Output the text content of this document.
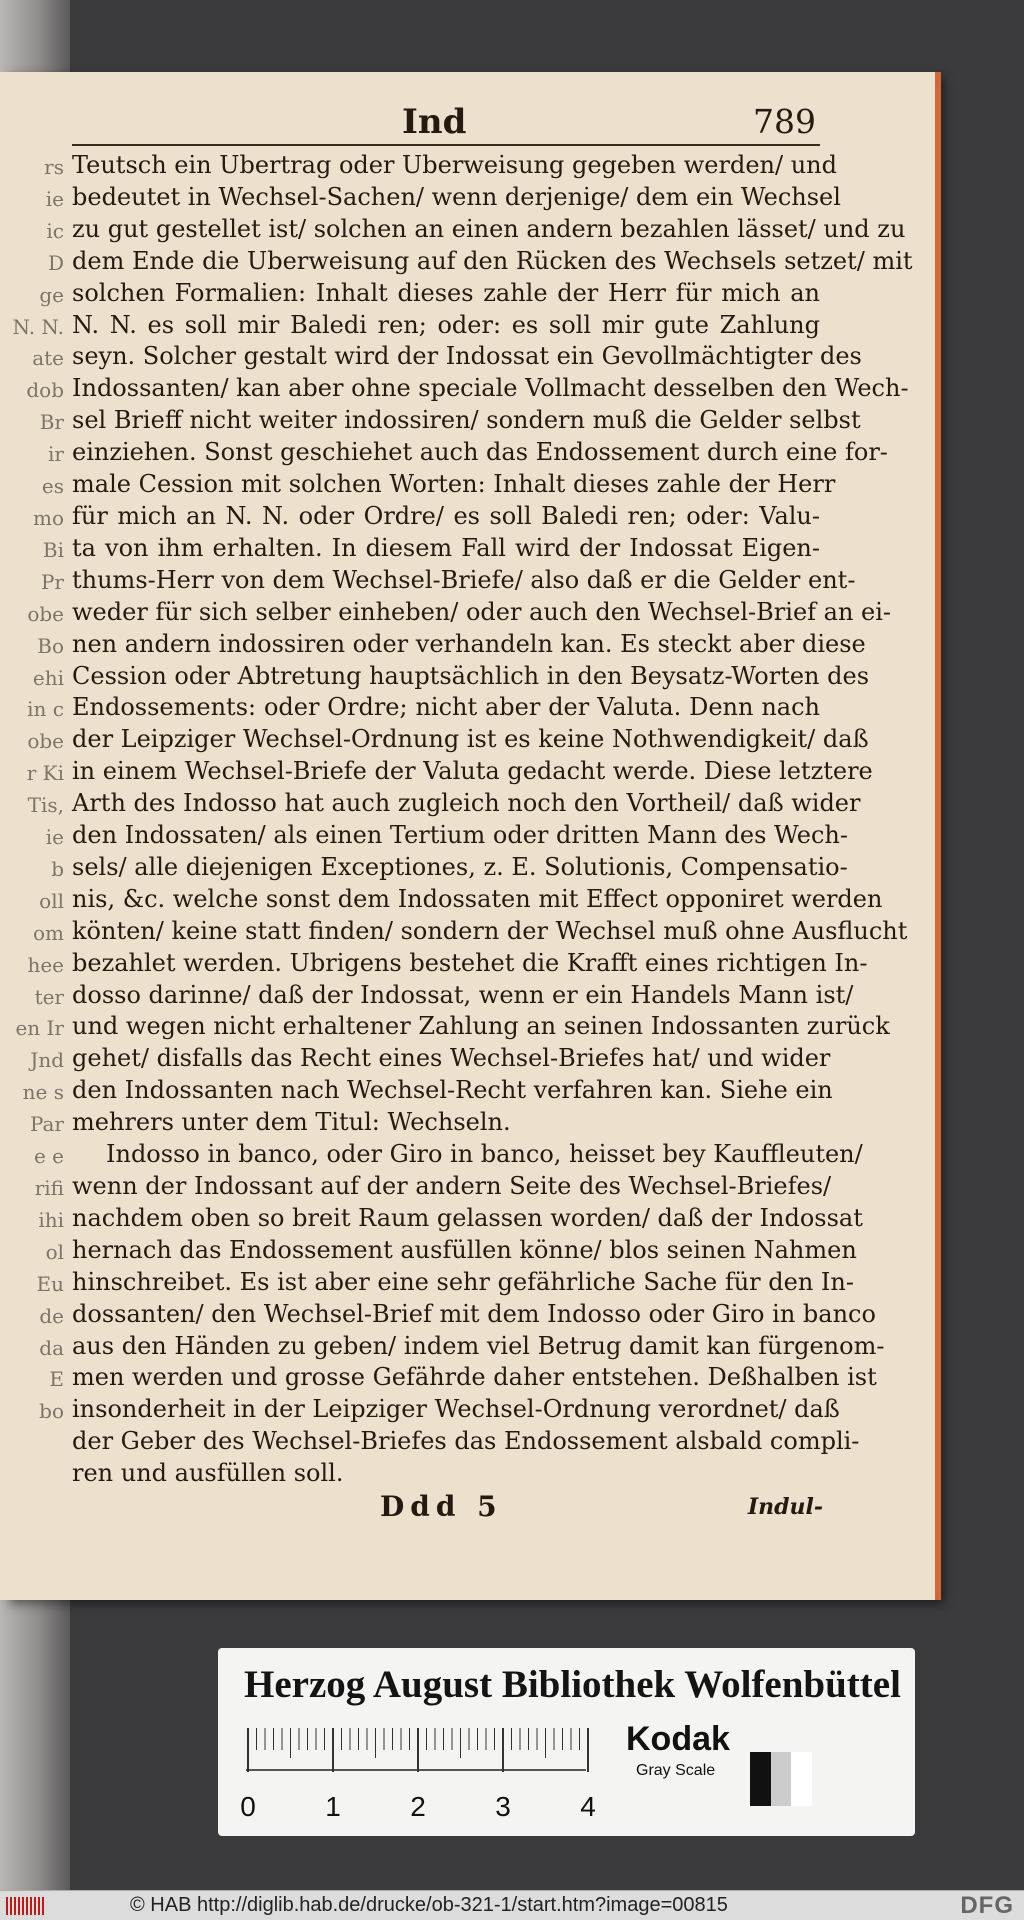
rs
ie
ic
D
ge
N. N.
ate
dob
Br
ir
es
mo
Bi
Pr
obe
Bo
ehi
in c
obe
r Ki
Tis,
ie
b
oll
om
hee
ter
en Ir
Jnd
ne s
Par
e e
rifi
ihi
ol
Eu
de
da
E
bo
Ind	789
Teutsch ein Ubertrag oder Uberweisung gegeben werden/ und
bedeutet in Wechsel-Sachen/ wenn derjenige/ dem ein Wechsel
zu gut gestellet ist/ solchen an einen andern bezahlen lässet/ und zu
dem Ende die Uberweisung auf den Rücken des Wechsels setzet/ mit
solchen Formalien: Inhalt dieses zahle der Herr für mich an
N. N. es soll mir Baledi ren; oder: es soll mir gute Zahlung
seyn. Solcher gestalt wird der Indossat ein Gevollmächtigter des
Indossanten/ kan aber ohne speciale Vollmacht desselben den Wech-
sel Brieff nicht weiter indossiren/ sondern muß die Gelder selbst
einziehen. Sonst geschiehet auch das Endossement durch eine for-
male Cession mit solchen Worten: Inhalt dieses zahle der Herr
für mich an N. N. oder Ordre/ es soll Baledi ren; oder: Valu-
ta von ihm erhalten. In diesem Fall wird der Indossat Eigen-
thums-Herr von dem Wechsel-Briefe/ also daß er die Gelder ent-
weder für sich selber einheben/ oder auch den Wechsel-Brief an ei-
nen andern indossiren oder verhandeln kan. Es steckt aber diese
Cession oder Abtretung hauptsächlich in den Beysatz-Worten des
Endossements: oder Ordre; nicht aber der Valuta. Denn nach
der Leipziger Wechsel-Ordnung ist es keine Nothwendigkeit/ daß
in einem Wechsel-Briefe der Valuta gedacht werde. Diese letztere
Arth des Indosso hat auch zugleich noch den Vortheil/ daß wider
den Indossaten/ als einen Tertium oder dritten Mann des Wech-
sels/ alle diejenigen Exceptiones, z. E. Solutionis, Compensatio-
nis, &c. welche sonst dem Indossaten mit Effect opponiret werden
könten/ keine statt finden/ sondern der Wechsel muß ohne Ausflucht
bezahlet werden. Ubrigens bestehet die Krafft eines richtigen In-
dosso darinne/ daß der Indossat, wenn er ein Handels Mann ist/
und wegen nicht erhaltener Zahlung an seinen Indossanten zurück
gehet/ disfalls das Recht eines Wechsel-Briefes hat/ und wider
den Indossanten nach Wechsel-Recht verfahren kan. Siehe ein
mehrers unter dem Titul: Wechseln.
Indosso in banco, oder Giro in banco, heisset bey Kauffleuten/
wenn der Indossant auf der andern Seite des Wechsel-Briefes/
nachdem oben so breit Raum gelassen worden/ daß der Indossat
hernach das Endossement ausfüllen könne/ blos seinen Nahmen
hinschreibet. Es ist aber eine sehr gefährliche Sache für den In-
dossanten/ den Wechsel-Brief mit dem Indosso oder Giro in banco
aus den Händen zu geben/ indem viel Betrug damit kan fürgenom-
men werden und grosse Gefährde daher entstehen. Deßhalben ist
insonderheit in der Leipziger Wechsel-Ordnung verordnet/ daß
der Geber des Wechsel-Briefes das Endossement alsbald compli-
ren und ausfüllen soll.
Ddd 5	Indul-
Herzog August Bibliothek Wolfenbüttel
0 1 2 3 4
Kodak
Gray Scale
© HAB http://diglib.hab.de/drucke/ob-321-1/start.htm?image=00815	DFG
